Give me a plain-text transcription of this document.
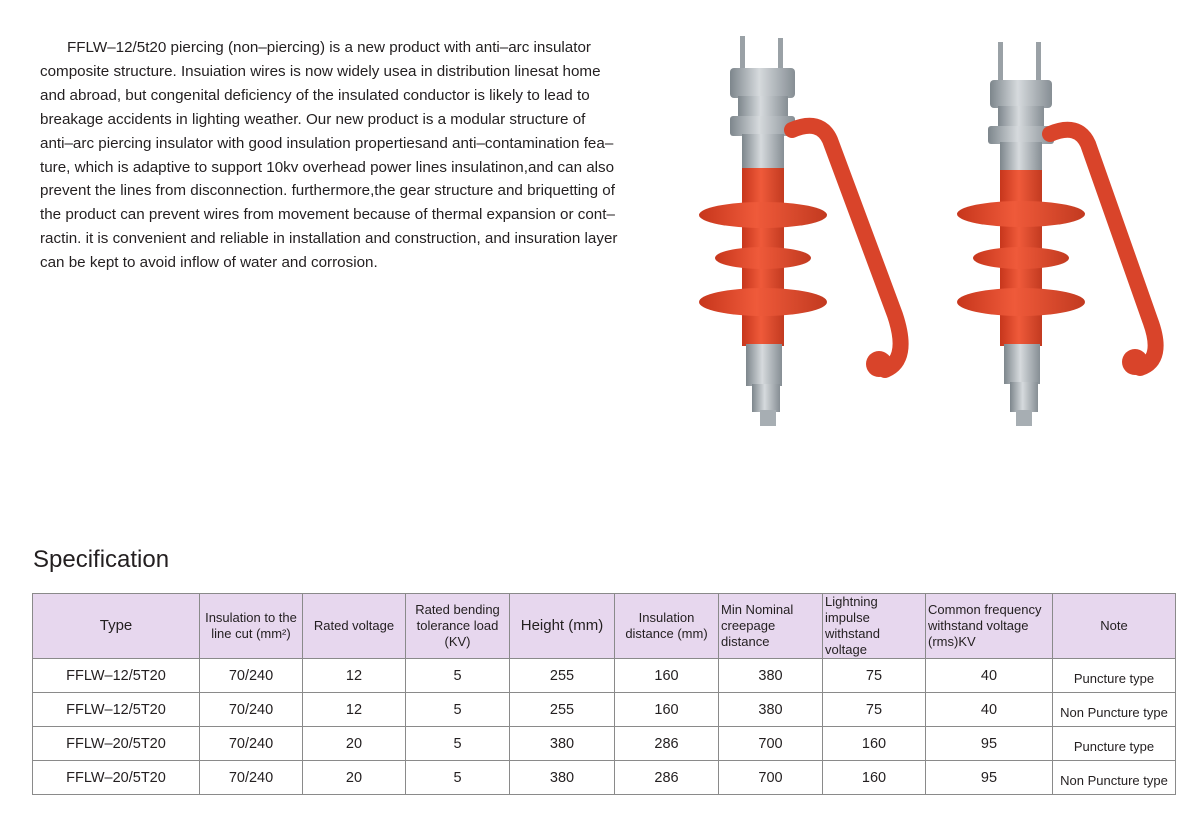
FFLW‒12/5t20 piercing (non‒piercing) is a new product with anti‒arc insulator
composite structure. Insuiation wires is now widely usea in distribution linesat home
and abroad, but congenital deficiency of the insulated conductor is likely to lead to
breakage accidents in lighting weather. Our new product is a modular structure of
anti‒arc piercing insulator with good insulation propertiesand anti‒contamination fea‒
ture, which is adaptive to support 10kv overhead power lines insulatinon,and can also
prevent the lines from disconnection. furthermore,the gear structure and briquetting of
the product can prevent wires from movement because of thermal expansion or cont‒
ractin. it is convenient and reliable in installation and construction, and insuration layer
can be kept to avoid inflow of water and corrosion.
Specification
Type	Insulation to the line cut (mm²)	Rated voltage	Rated bending tolerance load (KV)	Height (mm)	Insulation distance (mm)	Min Nominal creepage distance	Lightning impulse withstand voltage	Common frequency withstand voltage (rms)KV	Note
FFLW‒12/5T20	70/240	12	5	255	160	380	75	40	Puncture type
FFLW‒12/5T20	70/240	12	5	255	160	380	75	40	Non Puncture type
FFLW‒20/5T20	70/240	20	5	380	286	700	160	95	Puncture type
FFLW‒20/5T20	70/240	20	5	380	286	700	160	95	Non Puncture type
